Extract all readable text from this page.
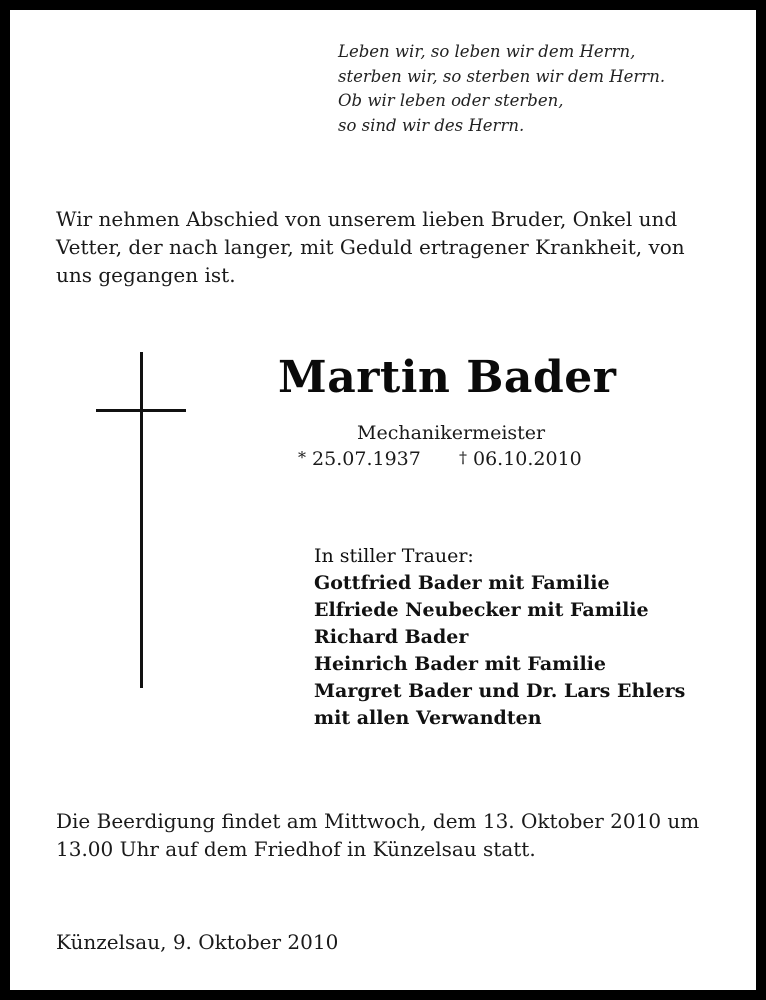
Leben wir, so leben wir dem Herrn,
sterben wir, so sterben wir dem Herrn.
Ob wir leben oder sterben,
so sind wir des Herrn.
Wir nehmen Abschied von unserem lieben Bruder, Onkel und
Vetter, der nach langer, mit Geduld ertragener Krankheit, von
uns gegangen ist.
Martin Bader
Mechanikermeister
* 25.07.1937 † 06.10.2010
In stiller Trauer:
Gottfried Bader mit Familie
Elfriede Neubecker mit Familie
Richard Bader
Heinrich Bader mit Familie
Margret Bader und Dr. Lars Ehlers
mit allen Verwandten
Die Beerdigung findet am Mittwoch, dem 13. Oktober 2010 um
13.00 Uhr auf dem Friedhof in Künzelsau statt.
Künzelsau, 9. Oktober 2010
